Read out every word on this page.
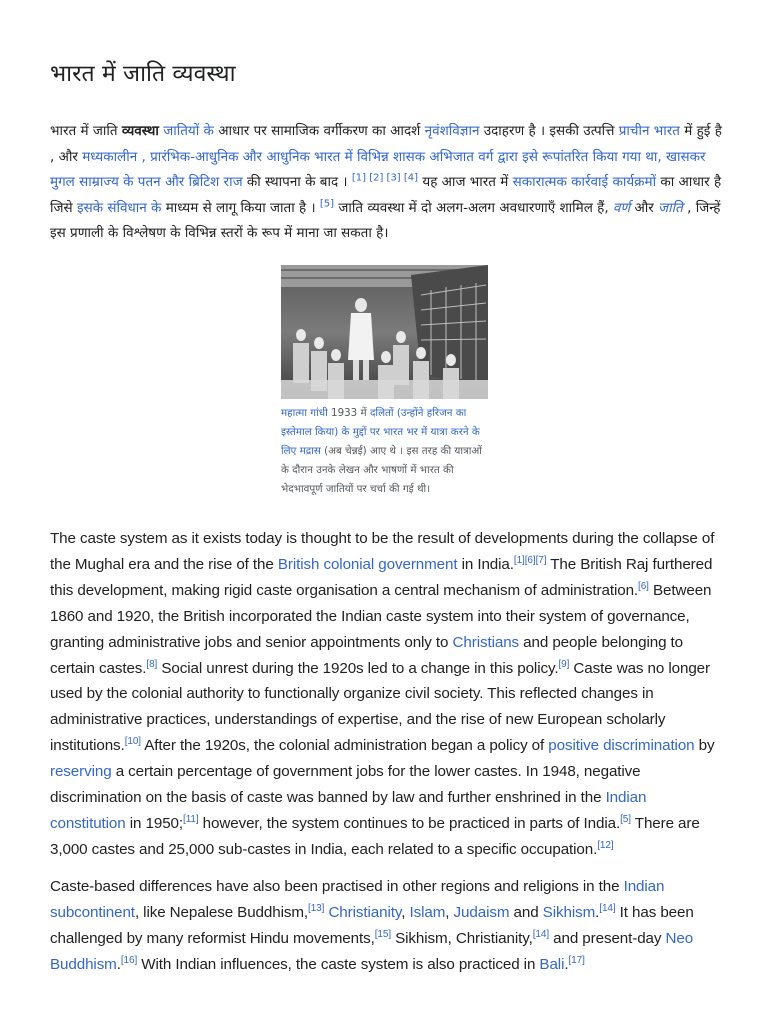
भारत में जाति व्यवस्था

भारत में जाति व्यवस्था जातियों के आधार पर सामाजिक वर्गीकरण का आदर्श नृवंशविज्ञान उदाहरण है । इसकी उत्पत्ति प्राचीन भारत में हुई है , और मध्यकालीन , प्रारंभिक-आधुनिक और आधुनिक भारत में विभिन्न शासक अभिजात वर्ग द्वारा इसे रूपांतरित किया गया था, खासकर मुगल साम्राज्य के पतन और ब्रिटिश राज की स्थापना के बाद । [1] [2] [3] [4] यह आज भारत में सकारात्मक कार्रवाई कार्यक्रमों का आधार है जिसे इसके संविधान के माध्यम से लागू किया जाता है । [5] जाति व्यवस्था में दो अलग-अलग अवधारणाएँ शामिल हैं, वर्ण और जाति , जिन्हें इस प्रणाली के विश्लेषण के विभिन्न स्तरों के रूप में माना जा सकता है।

महात्मा गांधी 1933 में दलितों (उन्होंने हरिजन का इस्तेमाल किया) के मुद्दों पर भारत भर में यात्रा करने के लिए मद्रास (अब चेन्नई) आए थे । इस तरह की यात्राओं के दौरान उनके लेखन और भाषणों में भारत की भेदभावपूर्ण जातियों पर चर्चा की गई थी।

The caste system as it exists today is thought to be the result of developments during the collapse of the Mughal era and the rise of the British colonial government in India.[1][6][7] The British Raj furthered this development, making rigid caste organisation a central mechanism of administration.[6] Between 1860 and 1920, the British incorporated the Indian caste system into their system of governance, granting administrative jobs and senior appointments only to Christians and people belonging to certain castes.[8] Social unrest during the 1920s led to a change in this policy.[9] Caste was no longer used by the colonial authority to functionally organize civil society. This reflected changes in administrative practices, understandings of expertise, and the rise of new European scholarly institutions.[10] After the 1920s, the colonial administration began a policy of positive discrimination by reserving a certain percentage of government jobs for the lower castes. In 1948, negative discrimination on the basis of caste was banned by law and further enshrined in the Indian constitution in 1950;[11] however, the system continues to be practiced in parts of India.[5] There are 3,000 castes and 25,000 sub-castes in India, each related to a specific occupation.[12]

Caste-based differences have also been practised in other regions and religions in the Indian subcontinent, like Nepalese Buddhism,[13] Christianity, Islam, Judaism and Sikhism.[14] It has been challenged by many reformist Hindu movements,[15] Sikhism, Christianity,[14] and present-day Neo Buddhism.[16] With Indian influences, the caste system is also practiced in Bali.[17]
